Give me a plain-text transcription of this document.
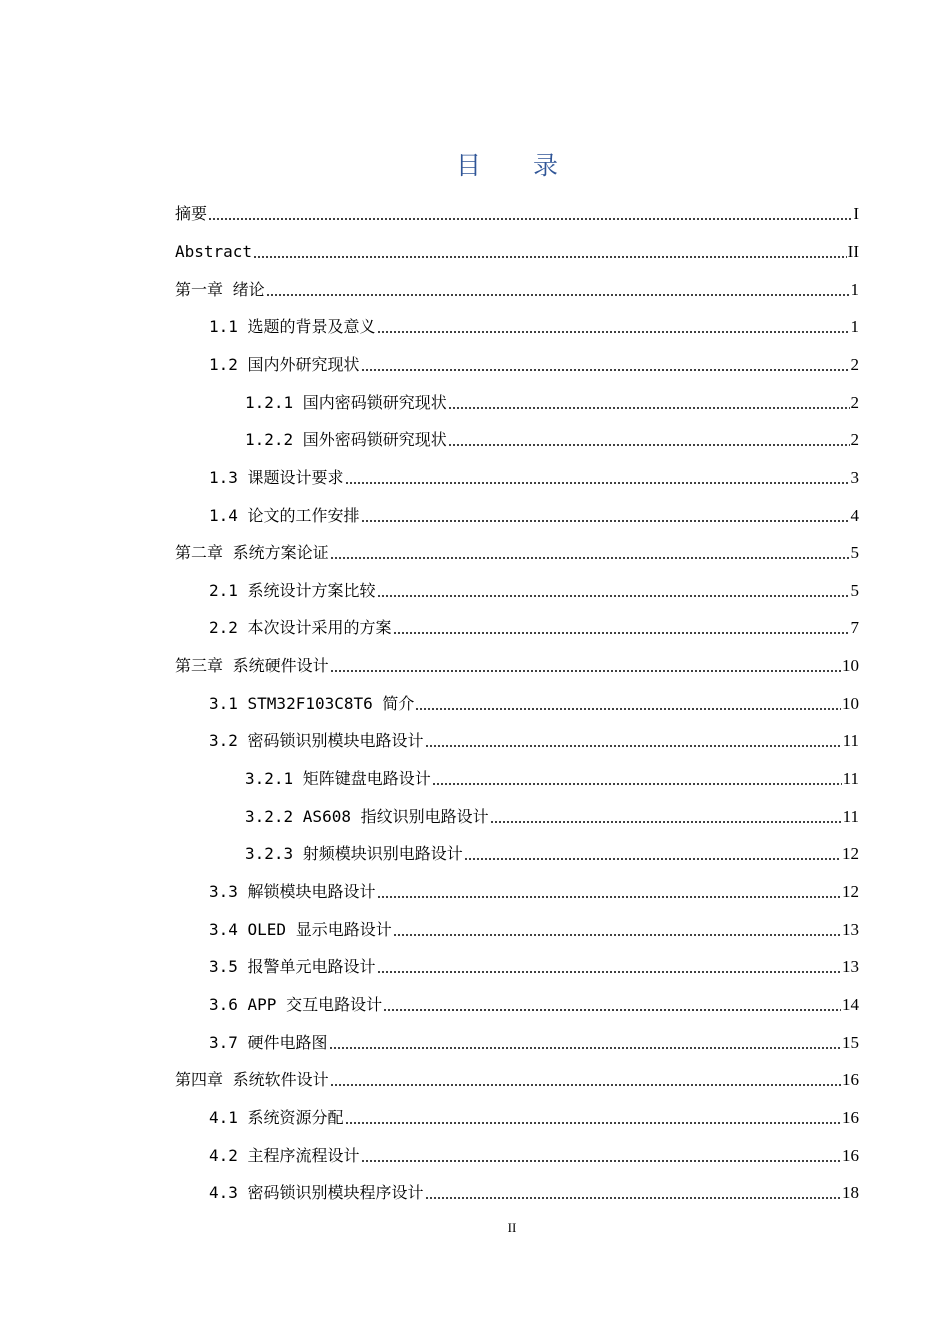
目 录
摘要	I
Abstract	II
第一章 绪论	1
1.1 选题的背景及意义	1
1.2 国内外研究现状	2
1.2.1 国内密码锁研究现状	2
1.2.2 国外密码锁研究现状	2
1.3 课题设计要求	3
1.4 论文的工作安排	4
第二章 系统方案论证	5
2.1 系统设计方案比较	5
2.2 本次设计采用的方案	7
第三章 系统硬件设计	10
3.1 STM32F103C8T6 简介	10
3.2 密码锁识别模块电路设计	11
3.2.1 矩阵键盘电路设计	11
3.2.2 AS608 指纹识别电路设计	11
3.2.3 射频模块识别电路设计	12
3.3 解锁模块电路设计	12
3.4 OLED 显示电路设计	13
3.5 报警单元电路设计	13
3.6 APP 交互电路设计	14
3.7 硬件电路图	15
第四章 系统软件设计	16
4.1 系统资源分配	16
4.2 主程序流程设计	16
4.3 密码锁识别模块程序设计	18
II
